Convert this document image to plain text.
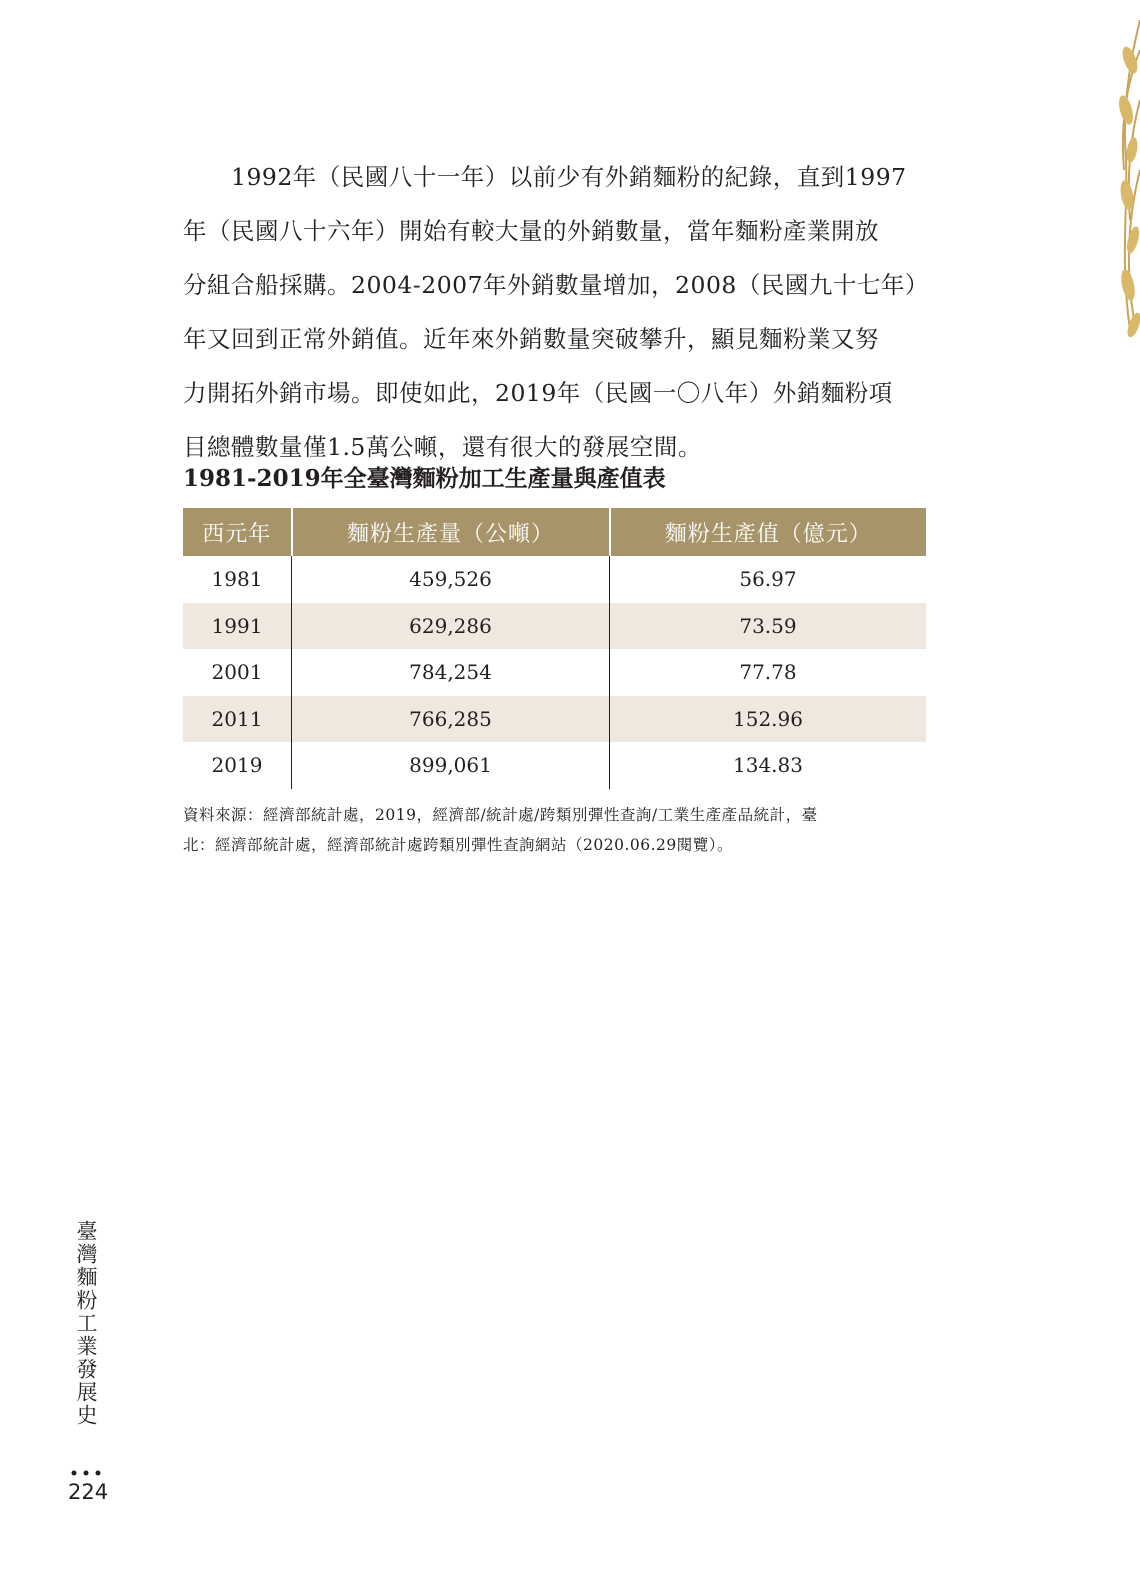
　　1992年（民國八十一年）以前少有外銷麵粉的紀錄，直到1997
年（民國八十六年）開始有較大量的外銷數量，當年麵粉產業開放
分組合船採購。2004-2007年外銷數量增加，2008（民國九十七年）
年又回到正常外銷值。近年來外銷數量突破攀升，顯見麵粉業又努
力開拓外銷市場。即使如此，2019年（民國一〇八年）外銷麵粉項
目總體數量僅1.5萬公噸，還有很大的發展空間。

1981-2019年全臺灣麵粉加工生產量與產值表
西元年	麵粉生產量（公噸）	麵粉生產值（億元）
1981	459,526	56.97
1991	629,286	73.59
2001	784,254	77.78
2011	766,285	152.96
2019	899,061	134.83

資料來源：經濟部統計處，2019，經濟部/統計處/跨類別彈性查詢/工業生產產品統計，臺
北：經濟部統計處，經濟部統計處跨類別彈性查詢網站（2020.06.29閱覽）。

臺灣麵粉工業發展史
224
